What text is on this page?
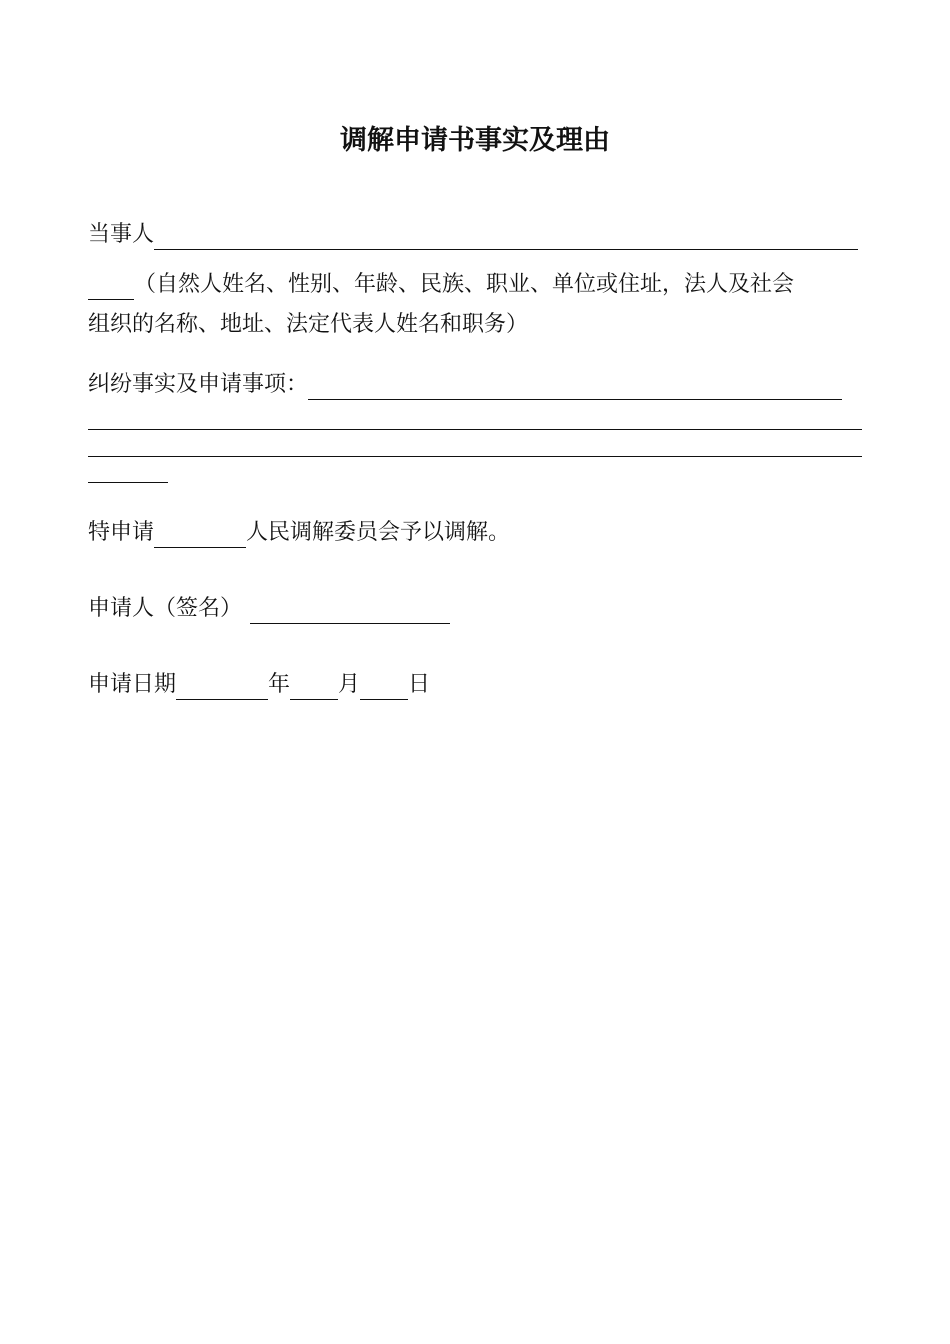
调解申请书事实及理由
当事人
（自然人姓名、性别、年龄、民族、职业、单位或住址，法人及社会
组织的名称、地址、法定代表人姓名和职务）
纠纷事实及申请事项：
特申请	人民调解委员会予以调解。
申请人（签名）
申请日期	年 月 日
